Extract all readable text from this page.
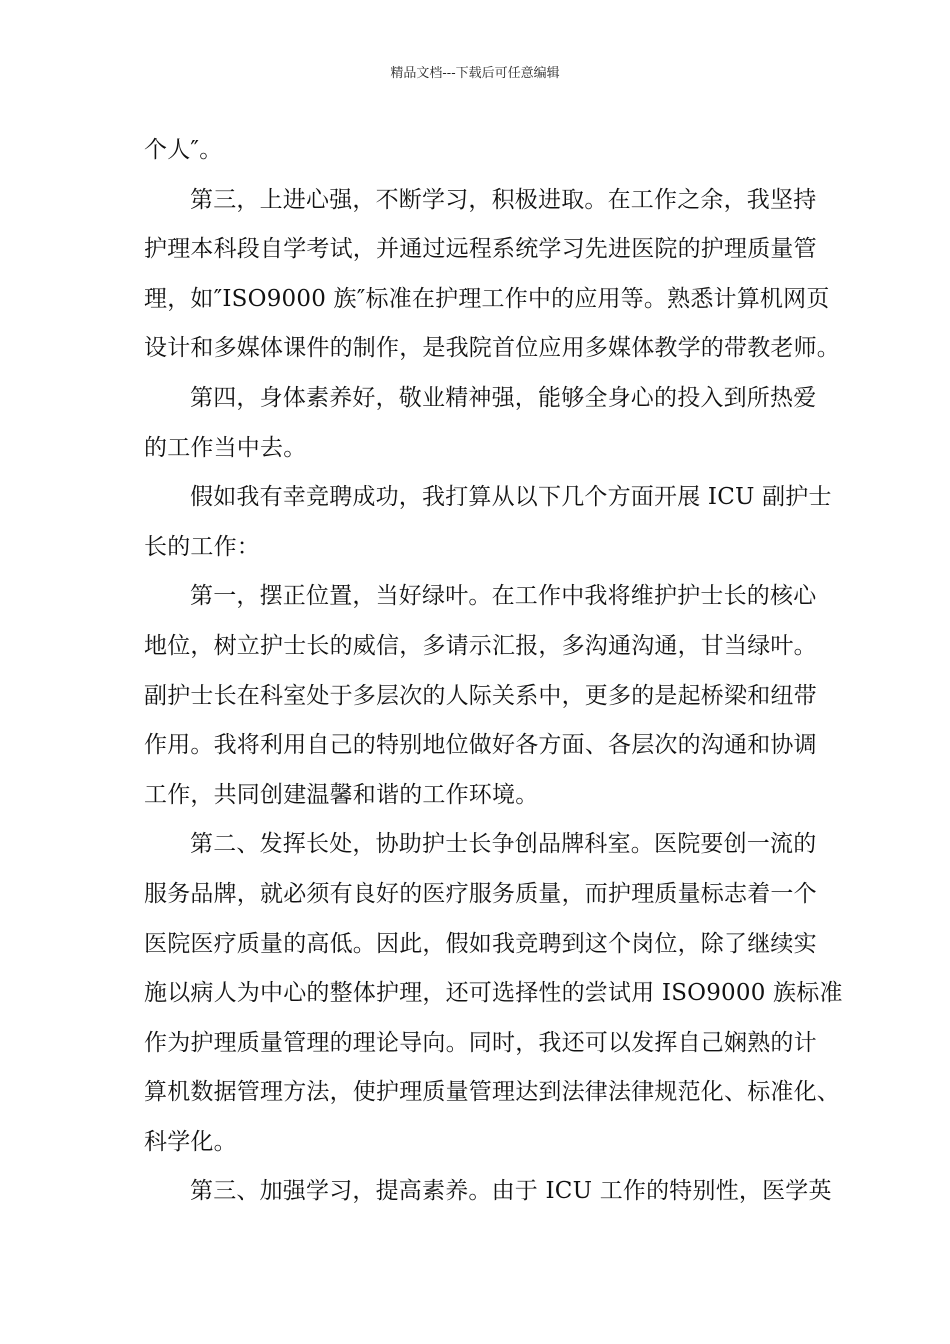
精品文档---下载后可任意编辑
个人″。
第三，上进心强，不断学习，积极进取。在工作之余，我坚持
护理本科段自学考试，并通过远程系统学习先进医院的护理质量管
理，如″ISO9000 族″标准在护理工作中的应用等。熟悉计算机网页
设计和多媒体课件的制作，是我院首位应用多媒体教学的带教老师。
第四，身体素养好，敬业精神强，能够全身心的投入到所热爱
的工作当中去。
假如我有幸竞聘成功，我打算从以下几个方面开展 ICU 副护士
长的工作：
第一，摆正位置，当好绿叶。在工作中我将维护护士长的核心
地位，树立护士长的威信，多请示汇报，多沟通沟通，甘当绿叶。
副护士长在科室处于多层次的人际关系中，更多的是起桥梁和纽带
作用。我将利用自己的特别地位做好各方面、各层次的沟通和协调
工作，共同创建温馨和谐的工作环境。
第二、发挥长处，协助护士长争创品牌科室。医院要创一流的
服务品牌，就必须有良好的医疗服务质量，而护理质量标志着一个
医院医疗质量的高低。因此，假如我竞聘到这个岗位，除了继续实
施以病人为中心的整体护理，还可选择性的尝试用 ISO9000 族标准
作为护理质量管理的理论导向。同时，我还可以发挥自己娴熟的计
算机数据管理方法，使护理质量管理达到法律法律规范化、标准化、
科学化。
第三、加强学习，提高素养。由于 ICU 工作的特别性，医学英
